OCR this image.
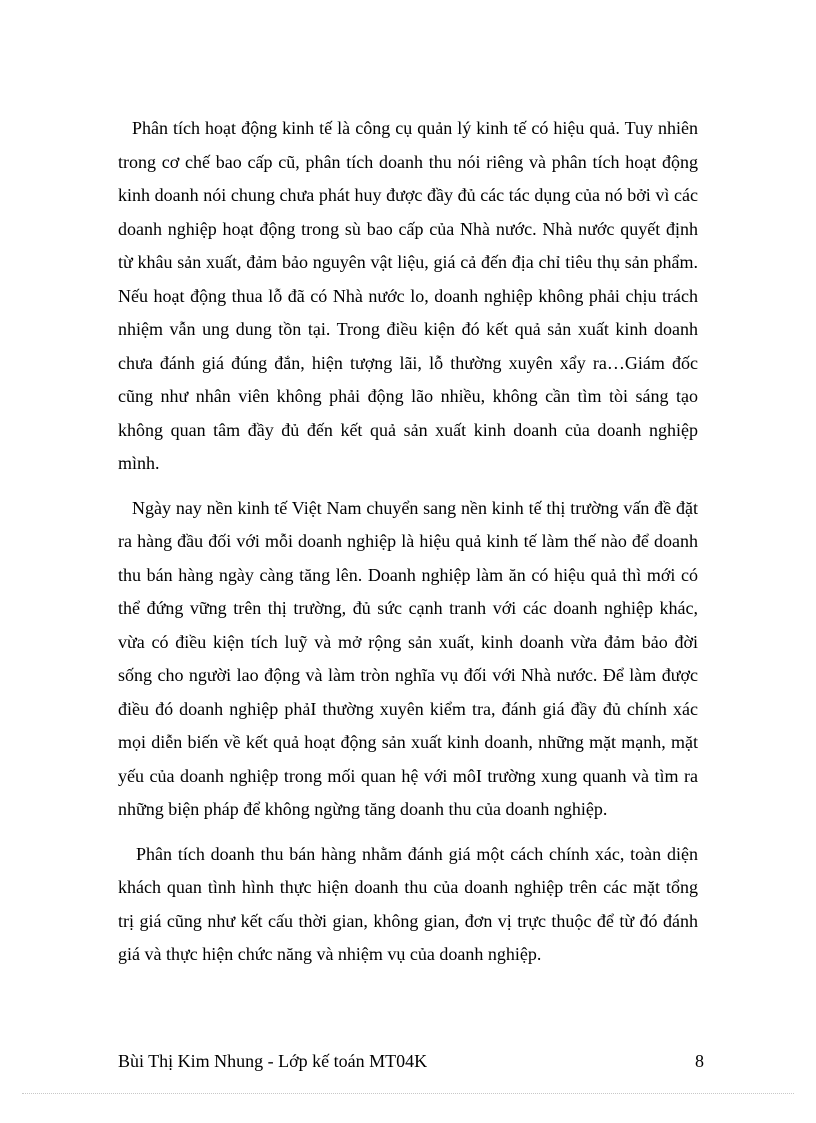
Phân tích hoạt động kinh tế là công cụ quản lý kinh tế có hiệu quả. Tuy nhiên trong cơ chế bao cấp cũ, phân tích doanh thu nói riêng và phân tích hoạt động kinh doanh nói chung chưa phát huy được đầy đủ các tác dụng của nó bởi vì các doanh nghiệp hoạt động trong sù bao cấp của Nhà nước. Nhà nước quyết định từ khâu sản xuất, đảm bảo nguyên vật liệu, giá cả đến địa chỉ tiêu thụ sản phẩm. Nếu hoạt động thua lỗ đã có Nhà nước lo, doanh nghiệp không phải chịu trách nhiệm vẫn ung dung tồn tại. Trong điều kiện đó kết quả sản xuất kinh doanh chưa đánh giá đúng đắn, hiện tượng lãi, lỗ thường xuyên xẩy ra…Giám đốc cũng như nhân viên không phải động lão nhiều, không cần tìm tòi sáng tạo không quan tâm đầy đủ đến kết quả sản xuất kinh doanh của doanh nghiệp mình.

Ngày nay nền kinh tế Việt Nam chuyển sang nền kinh tế thị trường vấn đề đặt ra hàng đầu đối với mỗi doanh nghiệp là hiệu quả kinh tế làm thế nào để doanh thu bán hàng ngày càng tăng lên. Doanh nghiệp làm ăn có hiệu quả thì mới có thể đứng vững trên thị trường, đủ sức cạnh tranh với các doanh nghiệp khác, vừa có điều kiện tích luỹ và mở rộng sản xuất, kinh doanh vừa đảm bảo đời sống cho người lao động và làm tròn nghĩa vụ đối với Nhà nước. Để làm được điều đó doanh nghiệp phảI thường xuyên kiểm tra, đánh giá đầy đủ chính xác mọi diễn biến về kết quả hoạt động sản xuất kinh doanh, những mặt mạnh, mặt yếu của doanh nghiệp trong mối quan hệ với môI trường xung quanh và tìm ra những biện pháp để không ngừng tăng doanh thu của doanh nghiệp.

Phân tích doanh thu bán hàng nhằm đánh giá một cách chính xác, toàn diện khách quan tình hình thực hiện doanh thu của doanh nghiệp trên các mặt tổng trị giá cũng như kết cấu thời gian, không gian, đơn vị trực thuộc để từ đó đánh giá và thực hiện chức năng và nhiệm vụ của doanh nghiệp.

Bùi Thị Kim Nhung - Lớp kế toán MT04K	8
